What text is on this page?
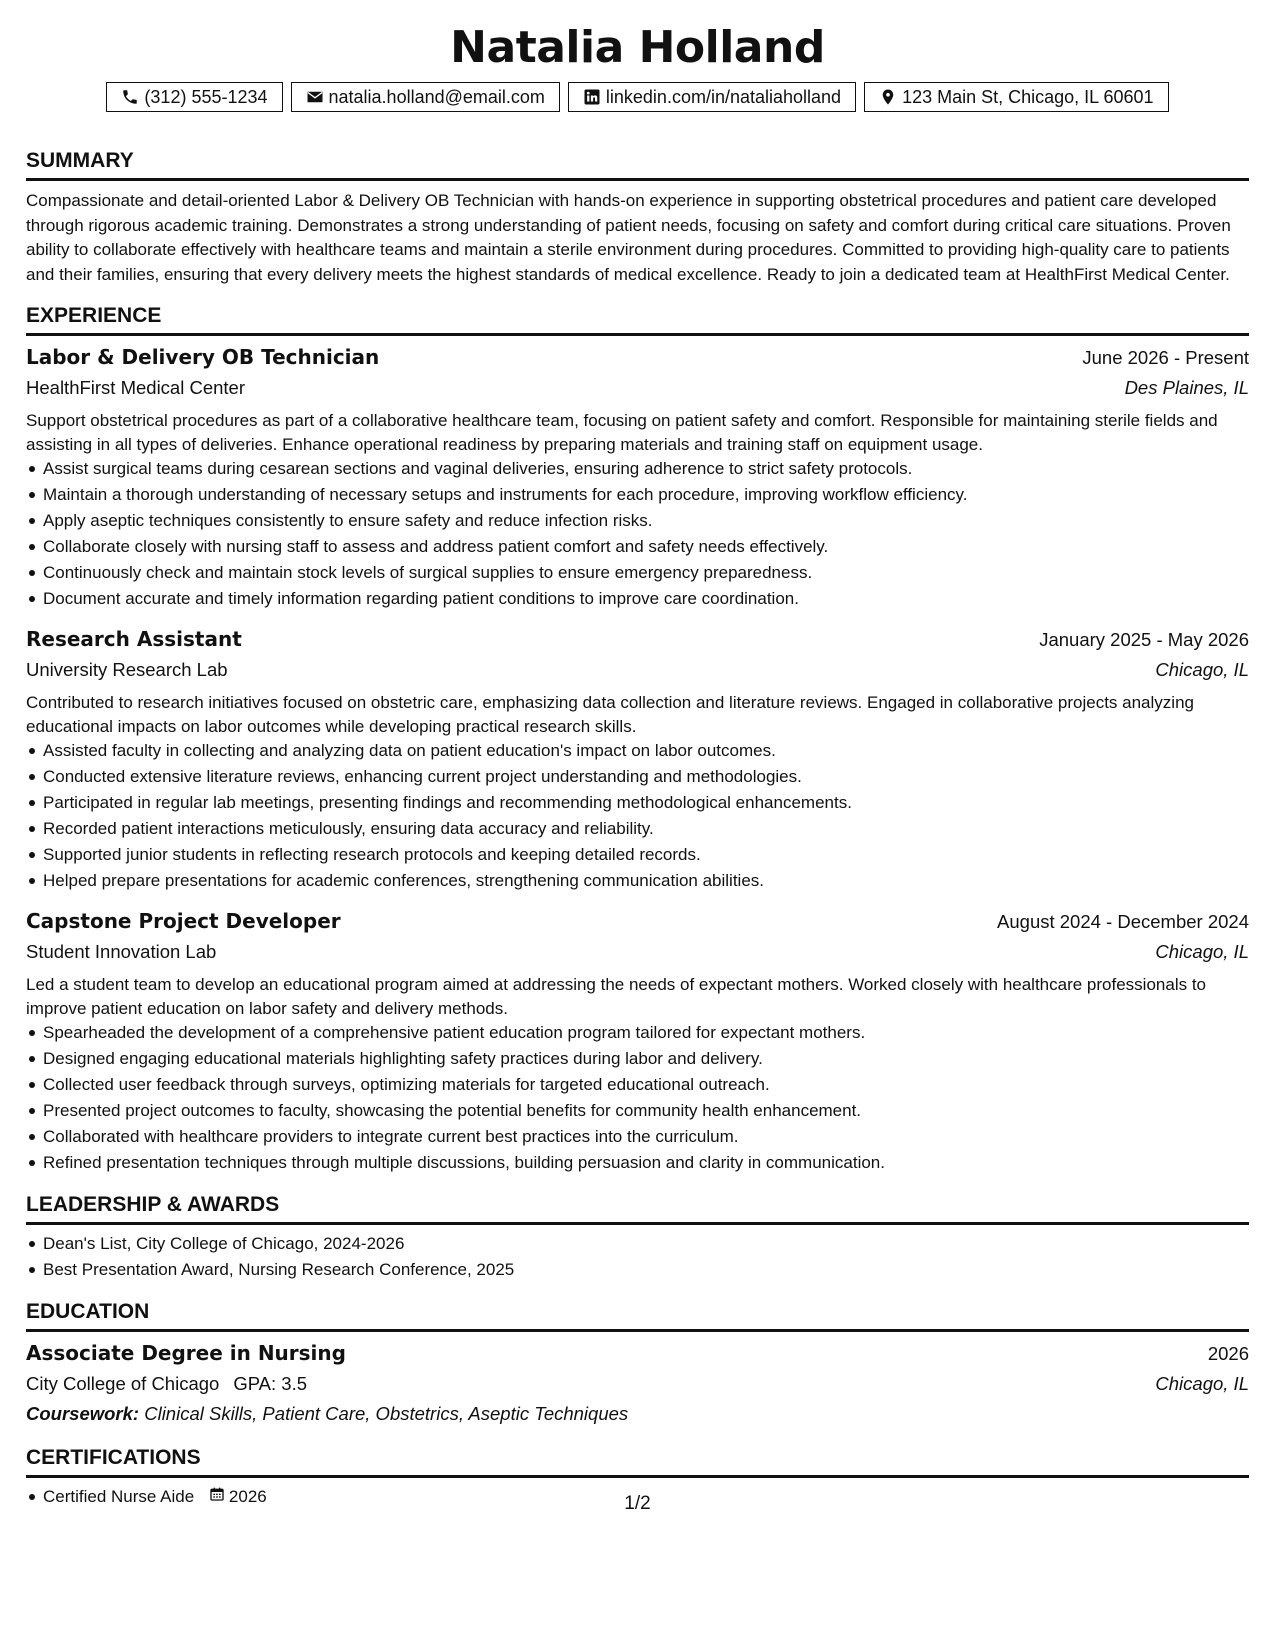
Natalia Holland
(312) 555-1234	natalia.holland@email.com	linkedin.com/in/nataliaholland	123 Main St, Chicago, IL 60601
SUMMARY

Compassionate and detail-oriented Labor & Delivery OB Technician with hands-on experience in supporting obstetrical procedures and patient care developed through rigorous academic training. Demonstrates a strong understanding of patient needs, focusing on safety and comfort during critical care situations. Proven ability to collaborate effectively with healthcare teams and maintain a sterile environment during procedures. Committed to providing high-quality care to patients and their families, ensuring that every delivery meets the highest standards of medical excellence. Ready to join a dedicated team at HealthFirst Medical Center.

EXPERIENCE
Labor & Delivery OB Technician	June 2026 - Present
HealthFirst Medical Center	Des Plaines, IL

Support obstetrical procedures as part of a collaborative healthcare team, focusing on patient safety and comfort. Responsible for maintaining sterile fields and assisting in all types of deliveries. Enhance operational readiness by preparing materials and training staff on equipment usage.

Assist surgical teams during cesarean sections and vaginal deliveries, ensuring adherence to strict safety protocols.
Maintain a thorough understanding of necessary setups and instruments for each procedure, improving workflow efficiency.
Apply aseptic techniques consistently to ensure safety and reduce infection risks.
Collaborate closely with nursing staff to assess and address patient comfort and safety needs effectively.
Continuously check and maintain stock levels of surgical supplies to ensure emergency preparedness.
Document accurate and timely information regarding patient conditions to improve care coordination.
Research Assistant	January 2025 - May 2026
University Research Lab	Chicago, IL

Contributed to research initiatives focused on obstetric care, emphasizing data collection and literature reviews. Engaged in collaborative projects analyzing educational impacts on labor outcomes while developing practical research skills.

Assisted faculty in collecting and analyzing data on patient education's impact on labor outcomes.
Conducted extensive literature reviews, enhancing current project understanding and methodologies.
Participated in regular lab meetings, presenting findings and recommending methodological enhancements.
Recorded patient interactions meticulously, ensuring data accuracy and reliability.
Supported junior students in reflecting research protocols and keeping detailed records.
Helped prepare presentations for academic conferences, strengthening communication abilities.
Capstone Project Developer	August 2024 - December 2024
Student Innovation Lab	Chicago, IL

Led a student team to develop an educational program aimed at addressing the needs of expectant mothers. Worked closely with healthcare professionals to improve patient education on labor safety and delivery methods.

Spearheaded the development of a comprehensive patient education program tailored for expectant mothers.
Designed engaging educational materials highlighting safety practices during labor and delivery.
Collected user feedback through surveys, optimizing materials for targeted educational outreach.
Presented project outcomes to faculty, showcasing the potential benefits for community health enhancement.
Collaborated with healthcare providers to integrate current best practices into the curriculum.
Refined presentation techniques through multiple discussions, building persuasion and clarity in communication.
LEADERSHIP & AWARDS
Dean's List, City College of Chicago, 2024-2026
Best Presentation Award, Nursing Research Conference, 2025
EDUCATION
Associate Degree in Nursing	2026
City College of Chicago GPA: 3.5	Chicago, IL
Coursework: Clinical Skills, Patient Care, Obstetrics, Aseptic Techniques
CERTIFICATIONS
Certified Nurse Aide 2026	1/2
